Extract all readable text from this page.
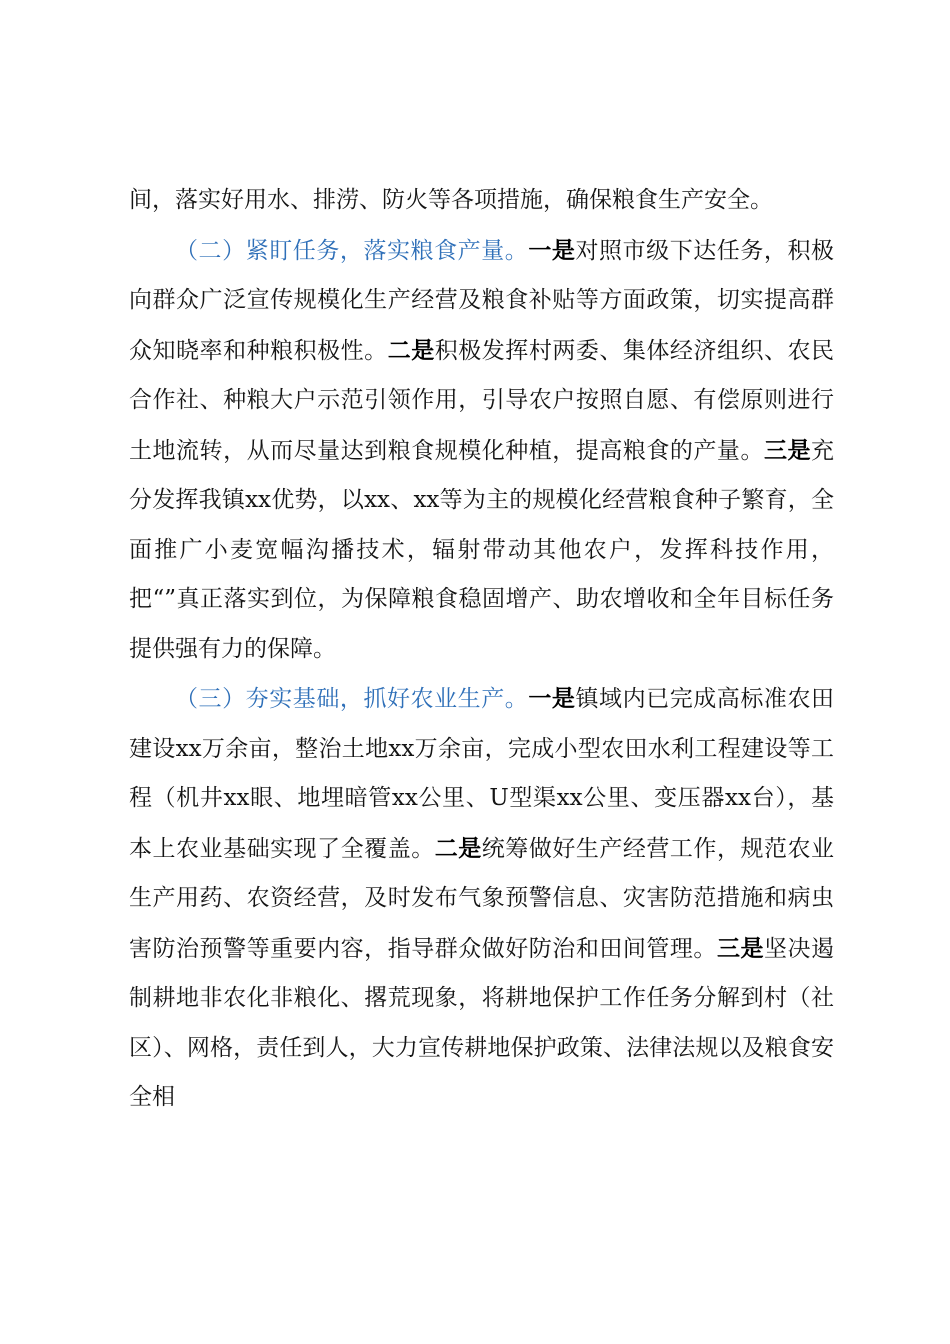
间，落实好用水、排涝、防火等各项措施，确保粮食生产安全。

（二）紧盯任务，落实粮食产量。一是对照市级下达任务，积极向群众广泛宣传规模化生产经营及粮食补贴等方面政策，切实提高群众知晓率和种粮积极性。二是积极发挥村两委、集体经济组织、农民合作社、种粮大户示范引领作用，引导农户按照自愿、有偿原则进行土地流转，从而尽量达到粮食规模化种植，提高粮食的产量。三是充分发挥我镇xx优势，以xx、xx等为主的规模化经营粮食种子繁育，全面推广小麦宽幅沟播技术，辐射带动其他农户，发挥科技作用，把“”真正落实到位，为保障粮食稳固增产、助农增收和全年目标任务提供强有力的保障。

（三）夯实基础，抓好农业生产。一是镇域内已完成高标准农田建设xx万余亩，整治土地xx万余亩，完成小型农田水利工程建设等工程（机井xx眼、地埋暗管xx公里、U型渠xx公里、变压器xx台），基本上农业基础实现了全覆盖。二是统筹做好生产经营工作，规范农业生产用药、农资经营，及时发布气象预警信息、灾害防范措施和病虫害防治预警等重要内容，指导群众做好防治和田间管理。三是坚决遏制耕地非农化非粮化、撂荒现象，将耕地保护工作任务分解到村（社区）、网格，责任到人，大力宣传耕地保护政策、法律法规以及粮食安全相
